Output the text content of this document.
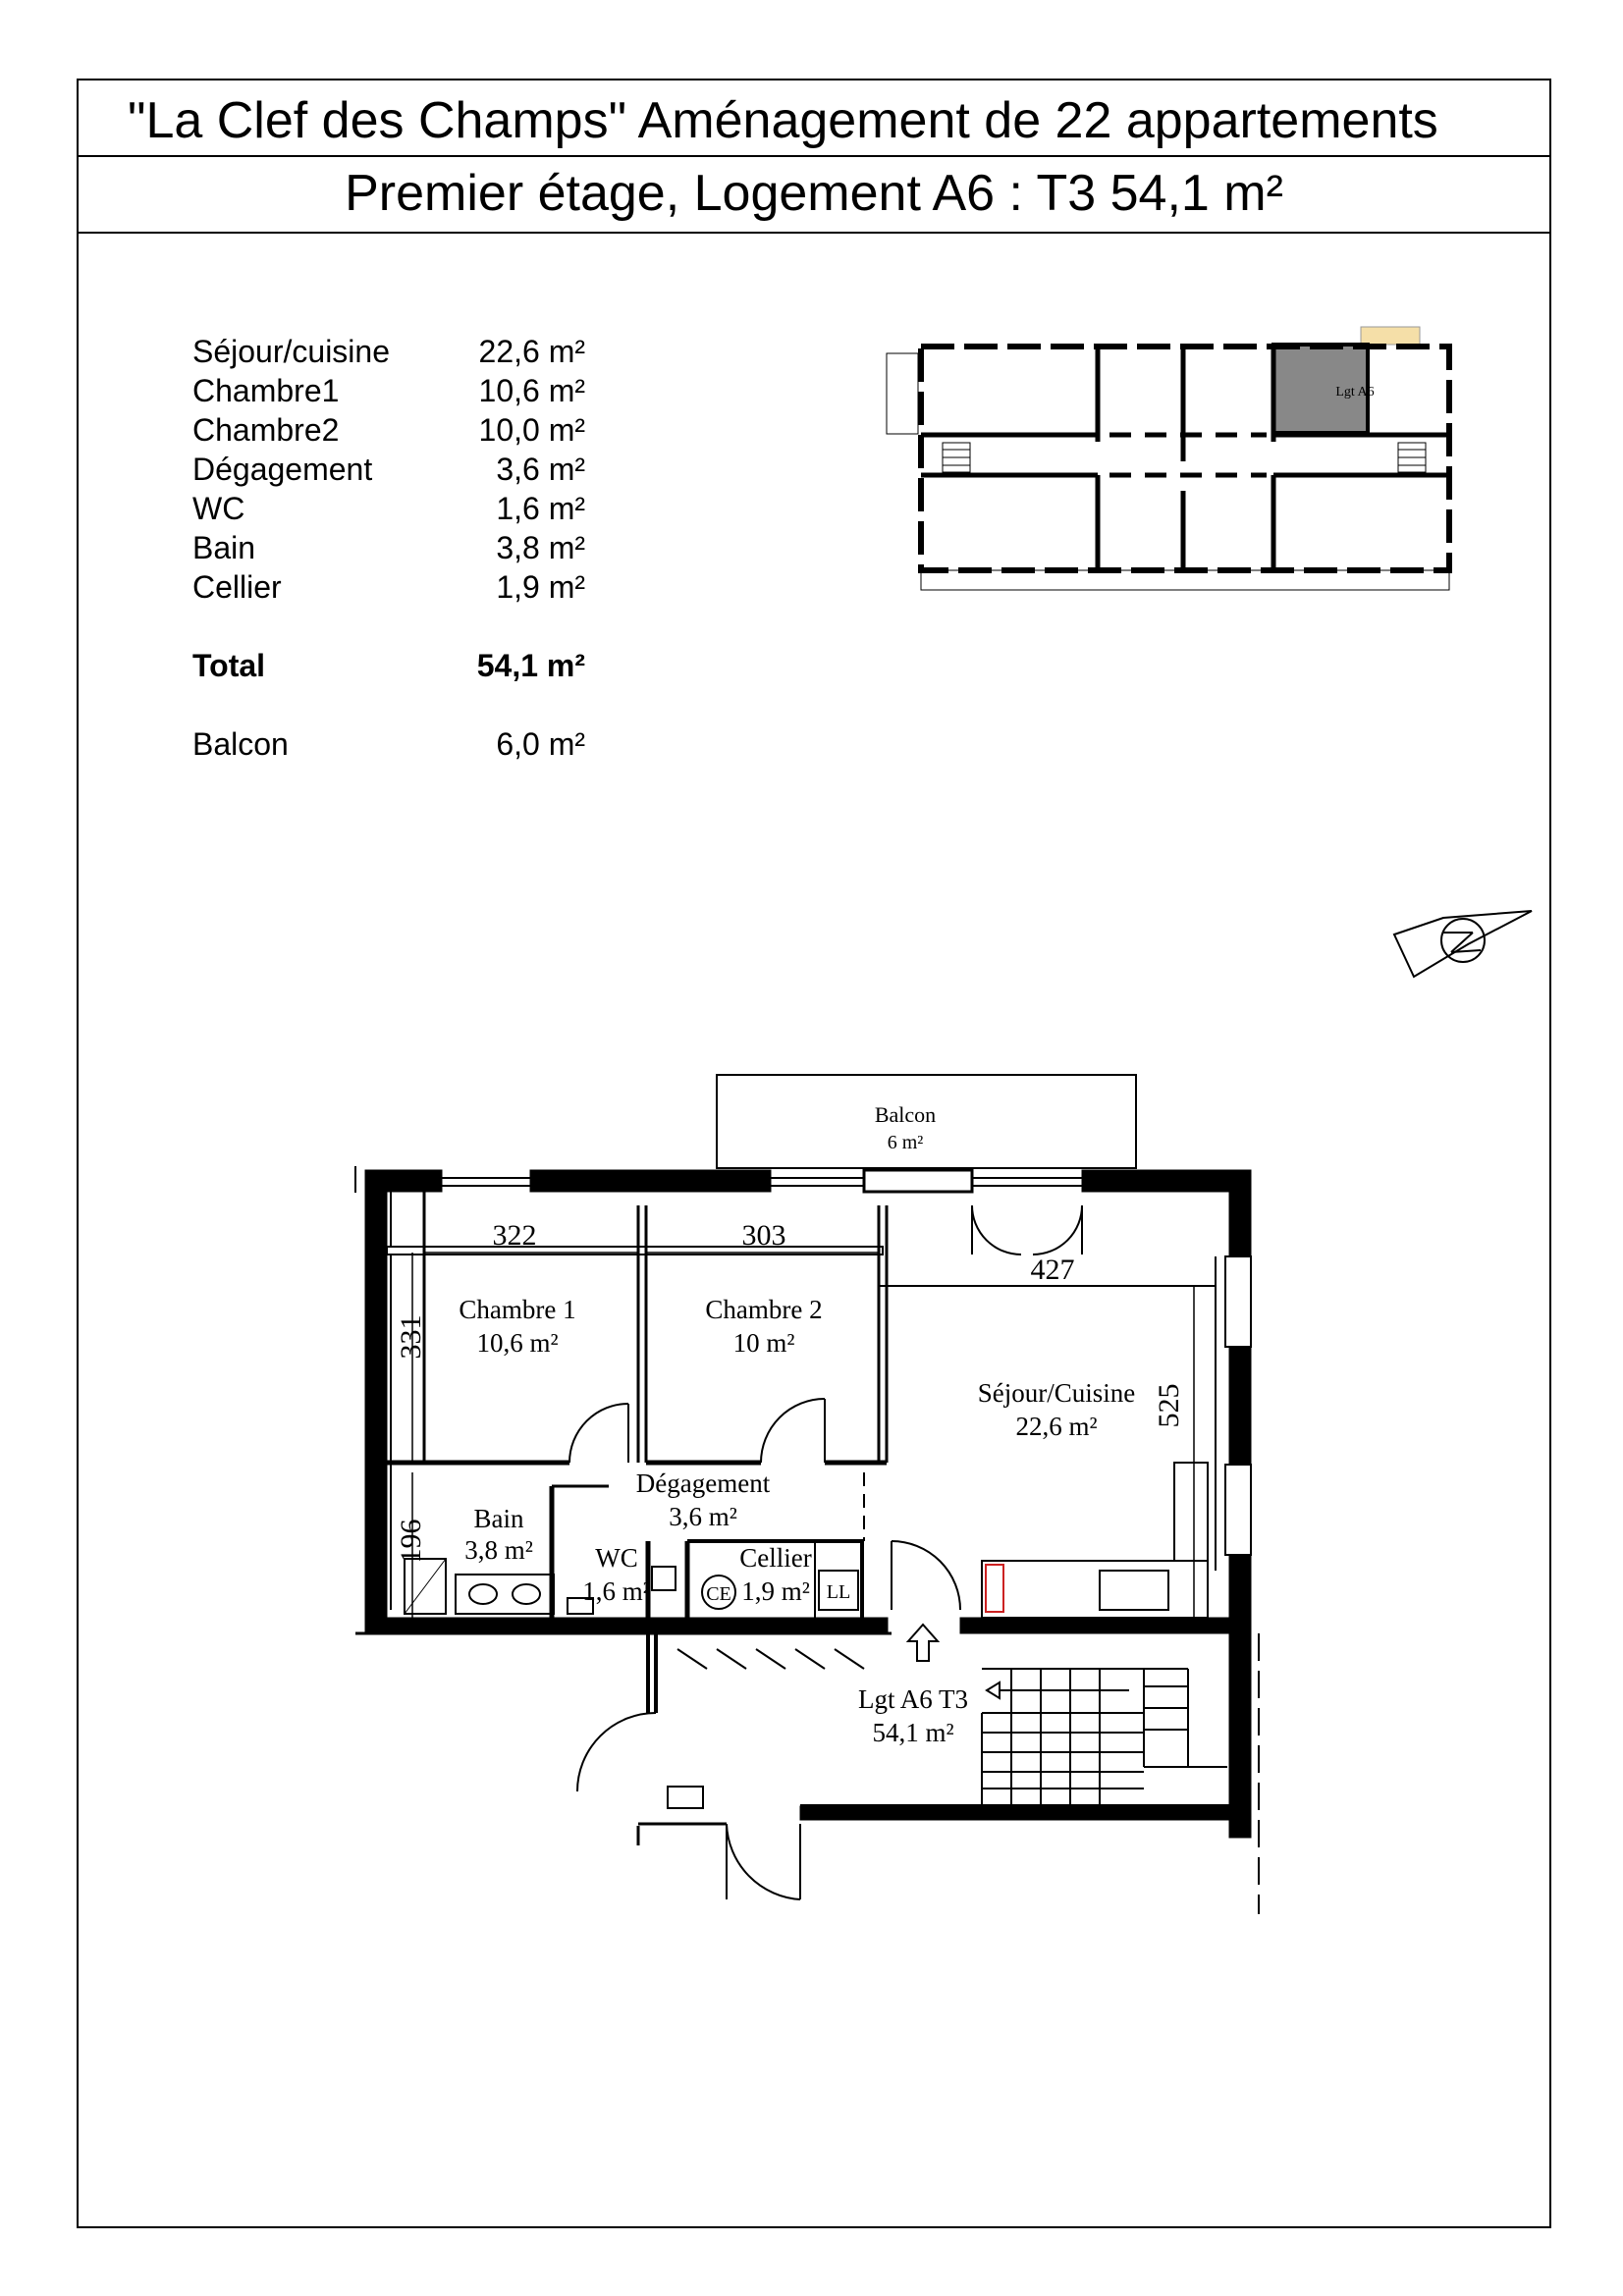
"La Clef des Champs" Aménagement de 22 appartements
Premier étage, Logement A6 : T3 54,1 m²
Séjour/cuisine	22,6 m²
Chambre1	10,6 m²
Chambre2	10,0 m²
Dégagement	3,6 m²
WC	1,6 m²
Bain	3,8 m²
Cellier	1,9 m²
Total	54,1 m²
Balcon	6,0 m²
Lgt A6
Balcon
6 m²
322	303
427
331
525
196
Chambre 1
10,6 m²
Chambre 2
10 m²
Séjour/Cuisine
22,6 m²
Dégagement
3,6 m²
Bain
3,8 m² WC
1,6 m²
Cellier
1,9 m²
CE	LL
Lgt A6 T3
54,1 m²
